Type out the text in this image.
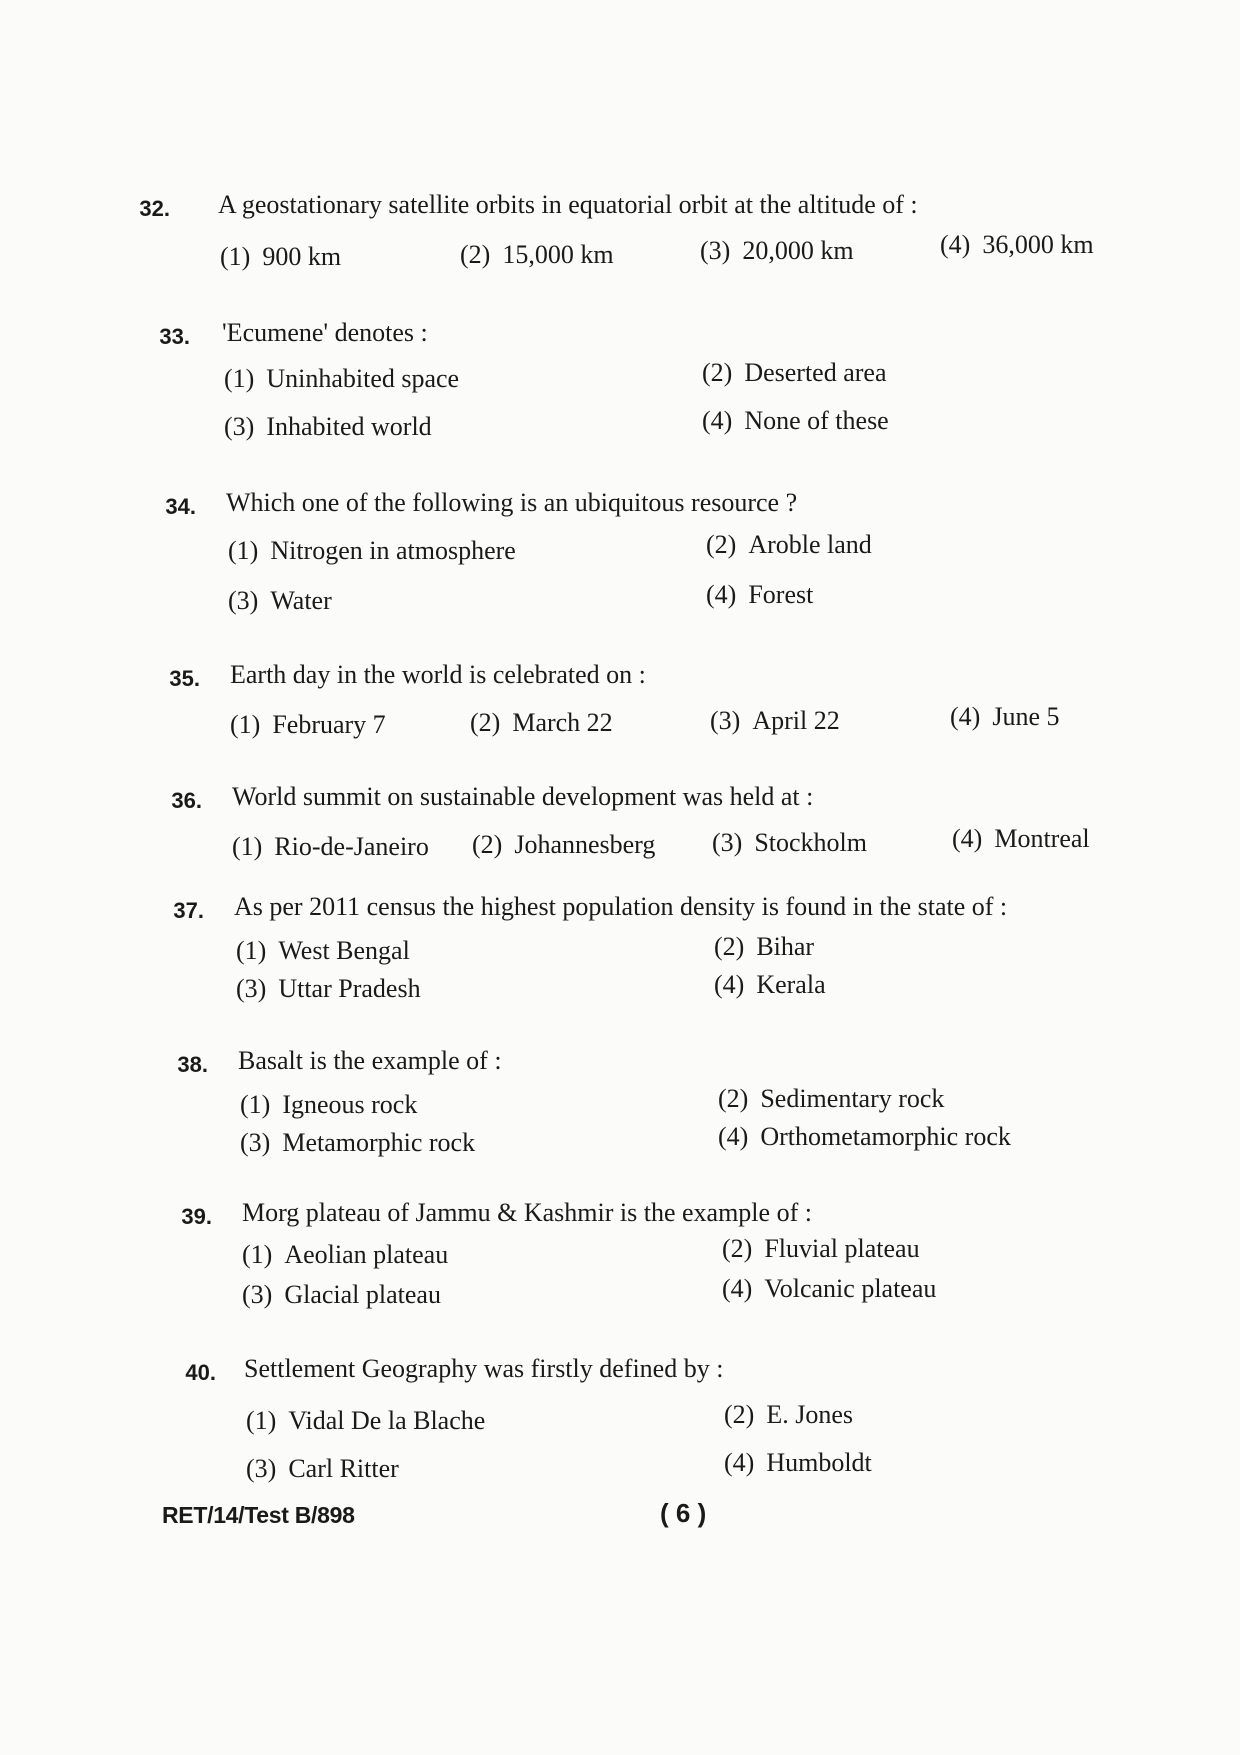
32. A geostationary satellite orbits in equatorial orbit at the altitude of :
(1) 900 km	(2) 15,000 km	(3) 20,000 km	(4) 36,000 km
33. 'Ecumene' denotes :
(1) Uninhabited space	(2) Deserted area
(3) Inhabited world	(4) None of these
34. Which one of the following is an ubiquitous resource ?
(1) Nitrogen in atmosphere	(2) Aroble land
(3) Water	(4) Forest
35. Earth day in the world is celebrated on :
(1) February 7	(2) March 22	(3) April 22	(4) June 5
36. World summit on sustainable development was held at :
(1) Rio-de-Janeiro (2) Johannesberg (3) Stockholm	(4) Montreal
37. As per 2011 census the highest population density is found in the state of :
(1) West Bengal	(2) Bihar
(3) Uttar Pradesh	(4) Kerala
38. Basalt is the example of :
(1) Igneous rock	(2) Sedimentary rock
(3) Metamorphic rock	(4) Orthometamorphic rock
39. Morg plateau of Jammu & Kashmir is the example of :
(1) Aeolian plateau	(2) Fluvial plateau
(3) Glacial plateau	(4) Volcanic plateau
40. Settlement Geography was firstly defined by :
(1) Vidal De la Blache	(2) E. Jones
(3) Carl Ritter	(4) Humboldt
RET/14/Test B/898	( 6 )
